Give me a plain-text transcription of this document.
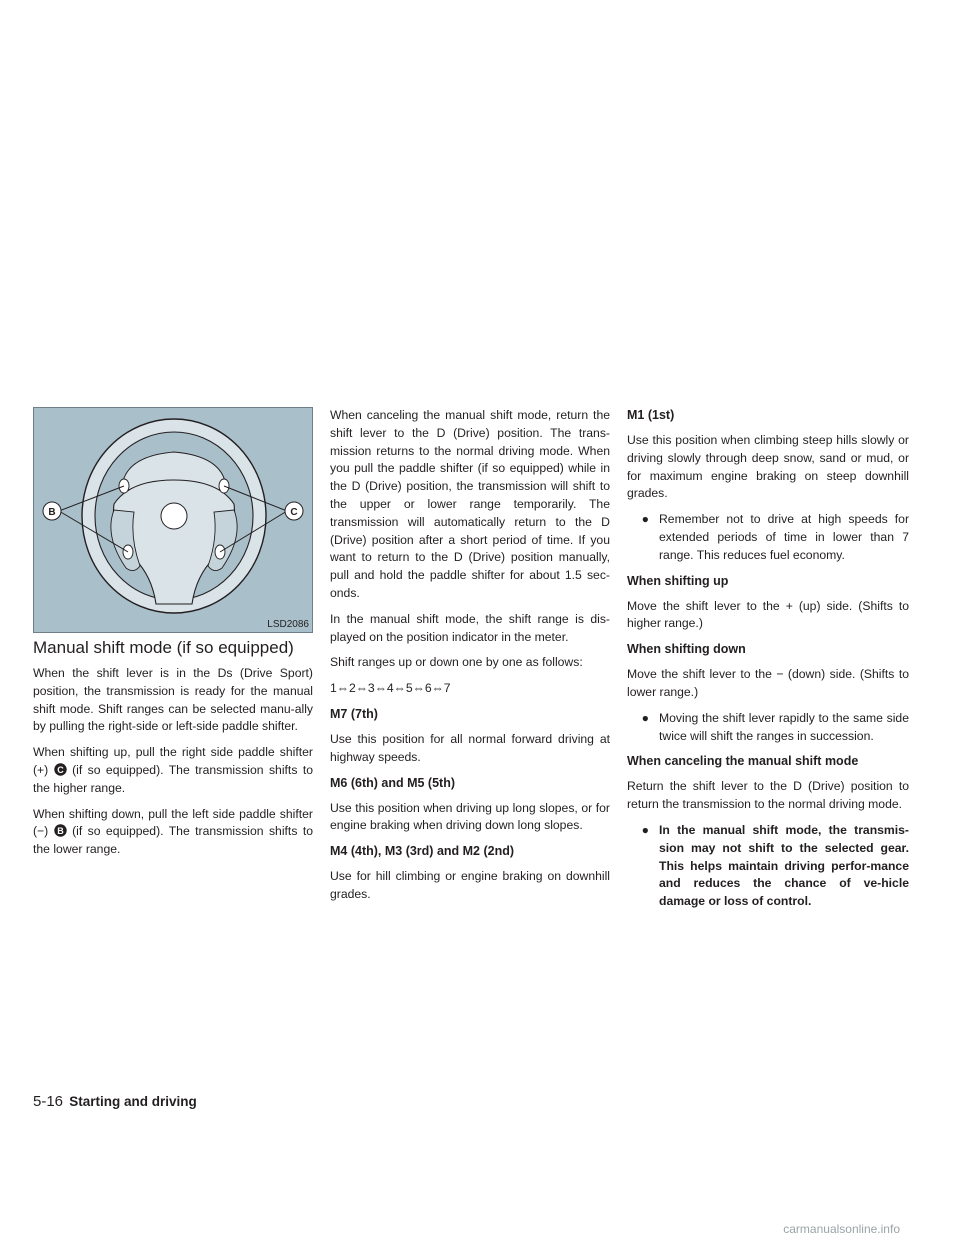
B	C
LSD2086
Manual shift mode (if so equipped)

When the shift lever is in the Ds (Drive Sport) position, the transmission is ready for the manual shift mode. Shift ranges can be selected manu-ally by pulling the right-side or left-side paddle shifter.

When shifting up, pull the right side paddle shifter (+) C (if so equipped). The transmission shifts to the higher range.

When shifting down, pull the left side paddle shifter (−) B (if so equipped). The transmission shifts to the lower range.

When canceling the manual shift mode, return the shift lever to the D (Drive) position. The trans-mission returns to the normal driving mode. When you pull the paddle shifter (if so equipped) while in the D (Drive) position, the transmission will shift to the upper or lower range temporarily. The transmission will automatically return to the D (Drive) position after a short period of time. If you want to return to the D (Drive) position manually, pull and hold the paddle shifter for about 1.5 sec-onds.

In the manual shift mode, the shift range is dis-played on the position indicator in the meter.

Shift ranges up or down one by one as follows:

1⇔2⇔3⇔4⇔5⇔6⇔7

M7 (7th)

Use this position for all normal forward driving at highway speeds.

M6 (6th) and M5 (5th)

Use this position when driving up long slopes, or for engine braking when driving down long slopes.

M4 (4th), M3 (3rd) and M2 (2nd)

Use for hill climbing or engine braking on downhill grades.

M1 (1st)

Use this position when climbing steep hills slowly or driving slowly through deep snow, sand or mud, or for maximum engine braking on steep downhill grades.

● Remember not to drive at high speeds for extended periods of time in lower than 7 range. This reduces fuel economy.
When shifting up

Move the shift lever to the + (up) side. (Shifts to higher range.)

When shifting down

Move the shift lever to the − (down) side. (Shifts to lower range.)

● Moving the shift lever rapidly to the same side twice will shift the ranges in succession.
When canceling the manual shift mode

Return the shift lever to the D (Drive) position to return the transmission to the normal driving mode.

● In the manual shift mode, the transmis-sion may not shift to the selected gear. This helps maintain driving perfor-mance and reduces the chance of ve-hicle damage or loss of control.
5-16 Starting and driving
carmanualsonline.info
